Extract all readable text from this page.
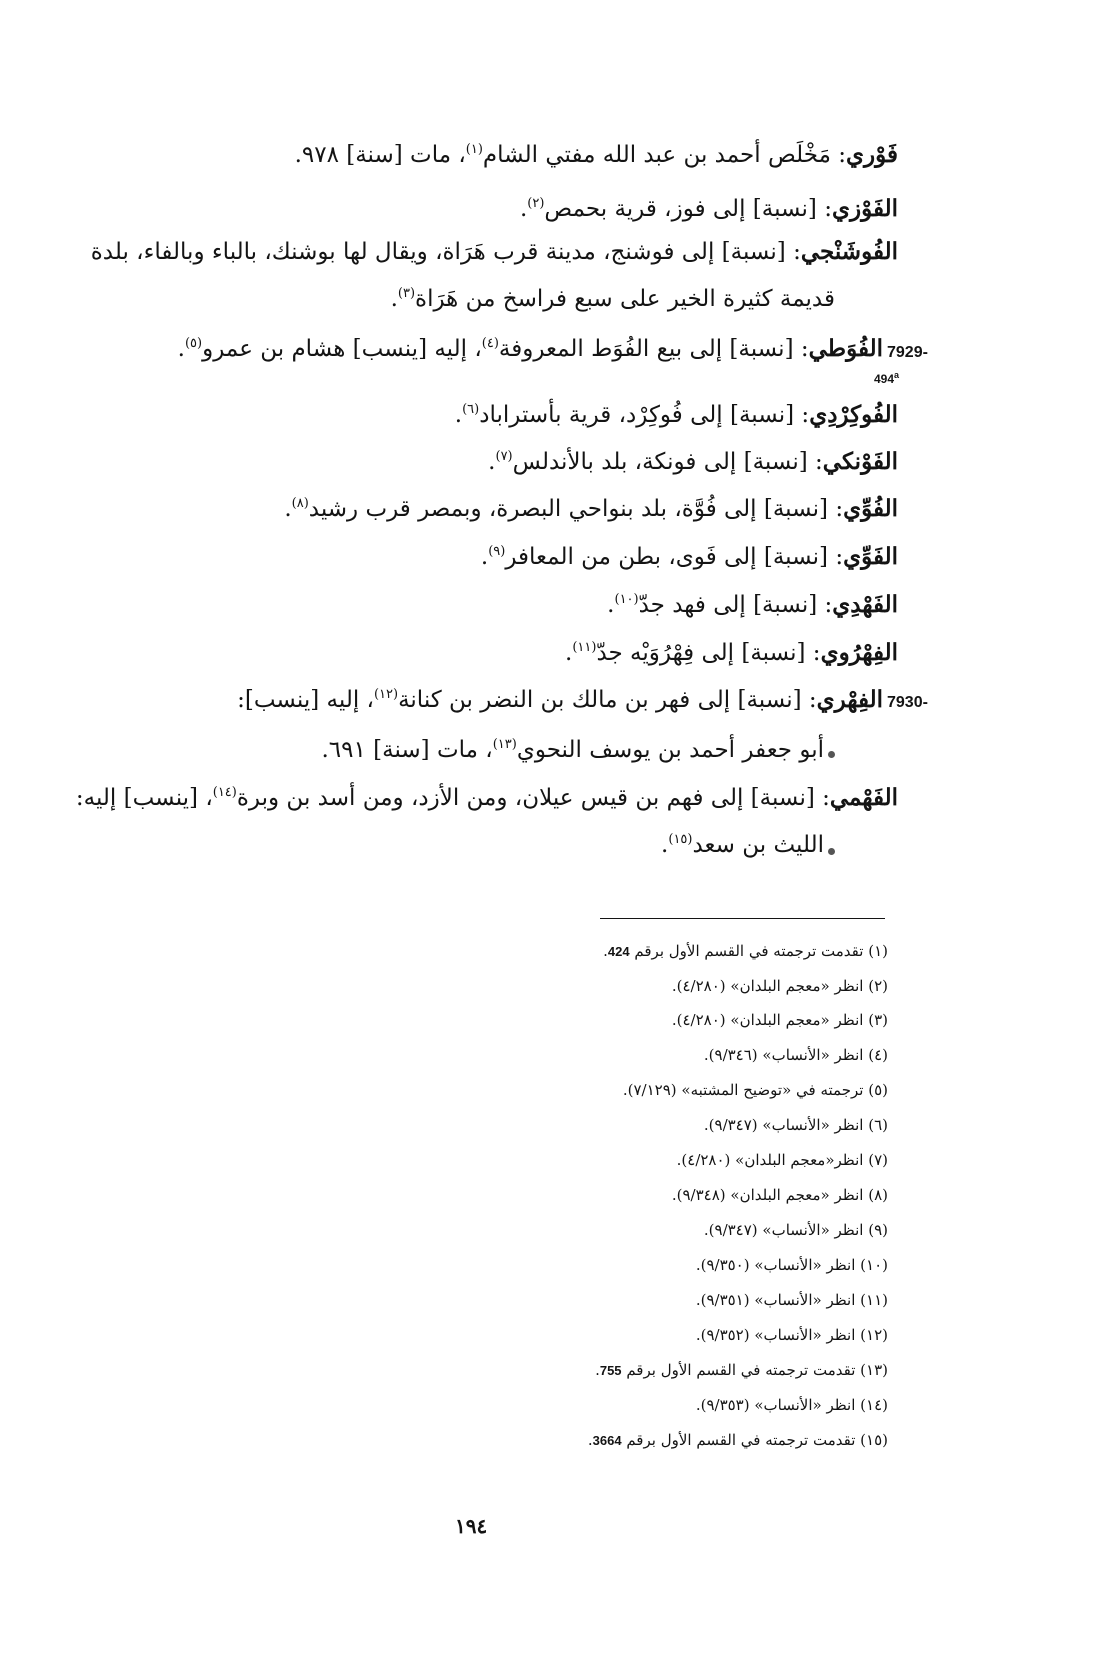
فَوْري: مَخْلَص أحمد بن عبد الله مفتي الشام$^{(١)}$، مات [سنة] ٩٧٨.
الفَوْزي: [نسبة] إلى فوز، قرية بحمص$^{(٢)}$.
الفُوشَنْجي: [نسبة] إلى فوشنج، مدينة قرب هَرَاة، ويقال لها بوشنك، بالباء وبالفاء، بلدة
قديمة كثيرة الخير على سبع فراسخ من هَرَاة$^{(٣)}$.
7929-
الفُوَطي: [نسبة] إلى بيع الفُوَط المعروفة$^{(٤)}$، إليه [ينسب] هشام بن عمرو$^{(٥)}$.
494$^a$
الفُوكِرْدِي: [نسبة] إلى فُوكِرْد، قرية بأستراباد$^{(٦)}$.
الفَوْنكي: [نسبة] إلى فونكة، بلد بالأندلس$^{(٧)}$.
الفُوِّي: [نسبة] إلى فُوَّة، بلد بنواحي البصرة، وبمصر قرب رشيد$^{(٨)}$.
الفَوِّي: [نسبة] إلى فَوى، بطن من المعافر$^{(٩)}$.
الفَهْدِي: [نسبة] إلى فهد جدّ$^{(١٠)}$.
الفِهْرُوي: [نسبة] إلى فِهْرُوَيْه جدّ$^{(١١)}$.
7930-
الفِهْري: [نسبة] إلى فهر بن مالك بن النضر بن كنانة$^{(١٢)}$، إليه [ينسب]:
أبو جعفر أحمد بن يوسف النحوي$^{(١٣)}$، مات [سنة] ٦٩١.
الفَهْمي: [نسبة] إلى فهم بن قيس عيلان، ومن الأزد، ومن أسد بن وبرة$^{(١٤)}$، [ينسب] إليه:
الليث بن سعد$^{(١٥)}$.
(١) تقدمت ترجمته في القسم الأول برقم 424.
(٢) انظر «معجم البلدان» (٤/٢٨٠).
(٣) انظر «معجم البلدان» (٤/٢٨٠).
(٤) انظر «الأنساب» (٩/٣٤٦).
(٥) ترجمته في «توضيح المشتبه» (٧/١٢٩).
(٦) انظر «الأنساب» (٩/٣٤٧).
(٧) انظر«معجم البلدان» (٤/٢٨٠).
(٨) انظر «معجم البلدان» (٩/٣٤٨).
(٩) انظر «الأنساب» (٩/٣٤٧).
(١٠) انظر «الأنساب» (٩/٣٥٠).
(١١) انظر «الأنساب» (٩/٣٥١).
(١٢) انظر «الأنساب» (٩/٣٥٢).
(١٣) تقدمت ترجمته في القسم الأول برقم 755.
(١٤) انظر «الأنساب» (٩/٣٥٣).
(١٥) تقدمت ترجمته في القسم الأول برقم 3664.
١٩٤
